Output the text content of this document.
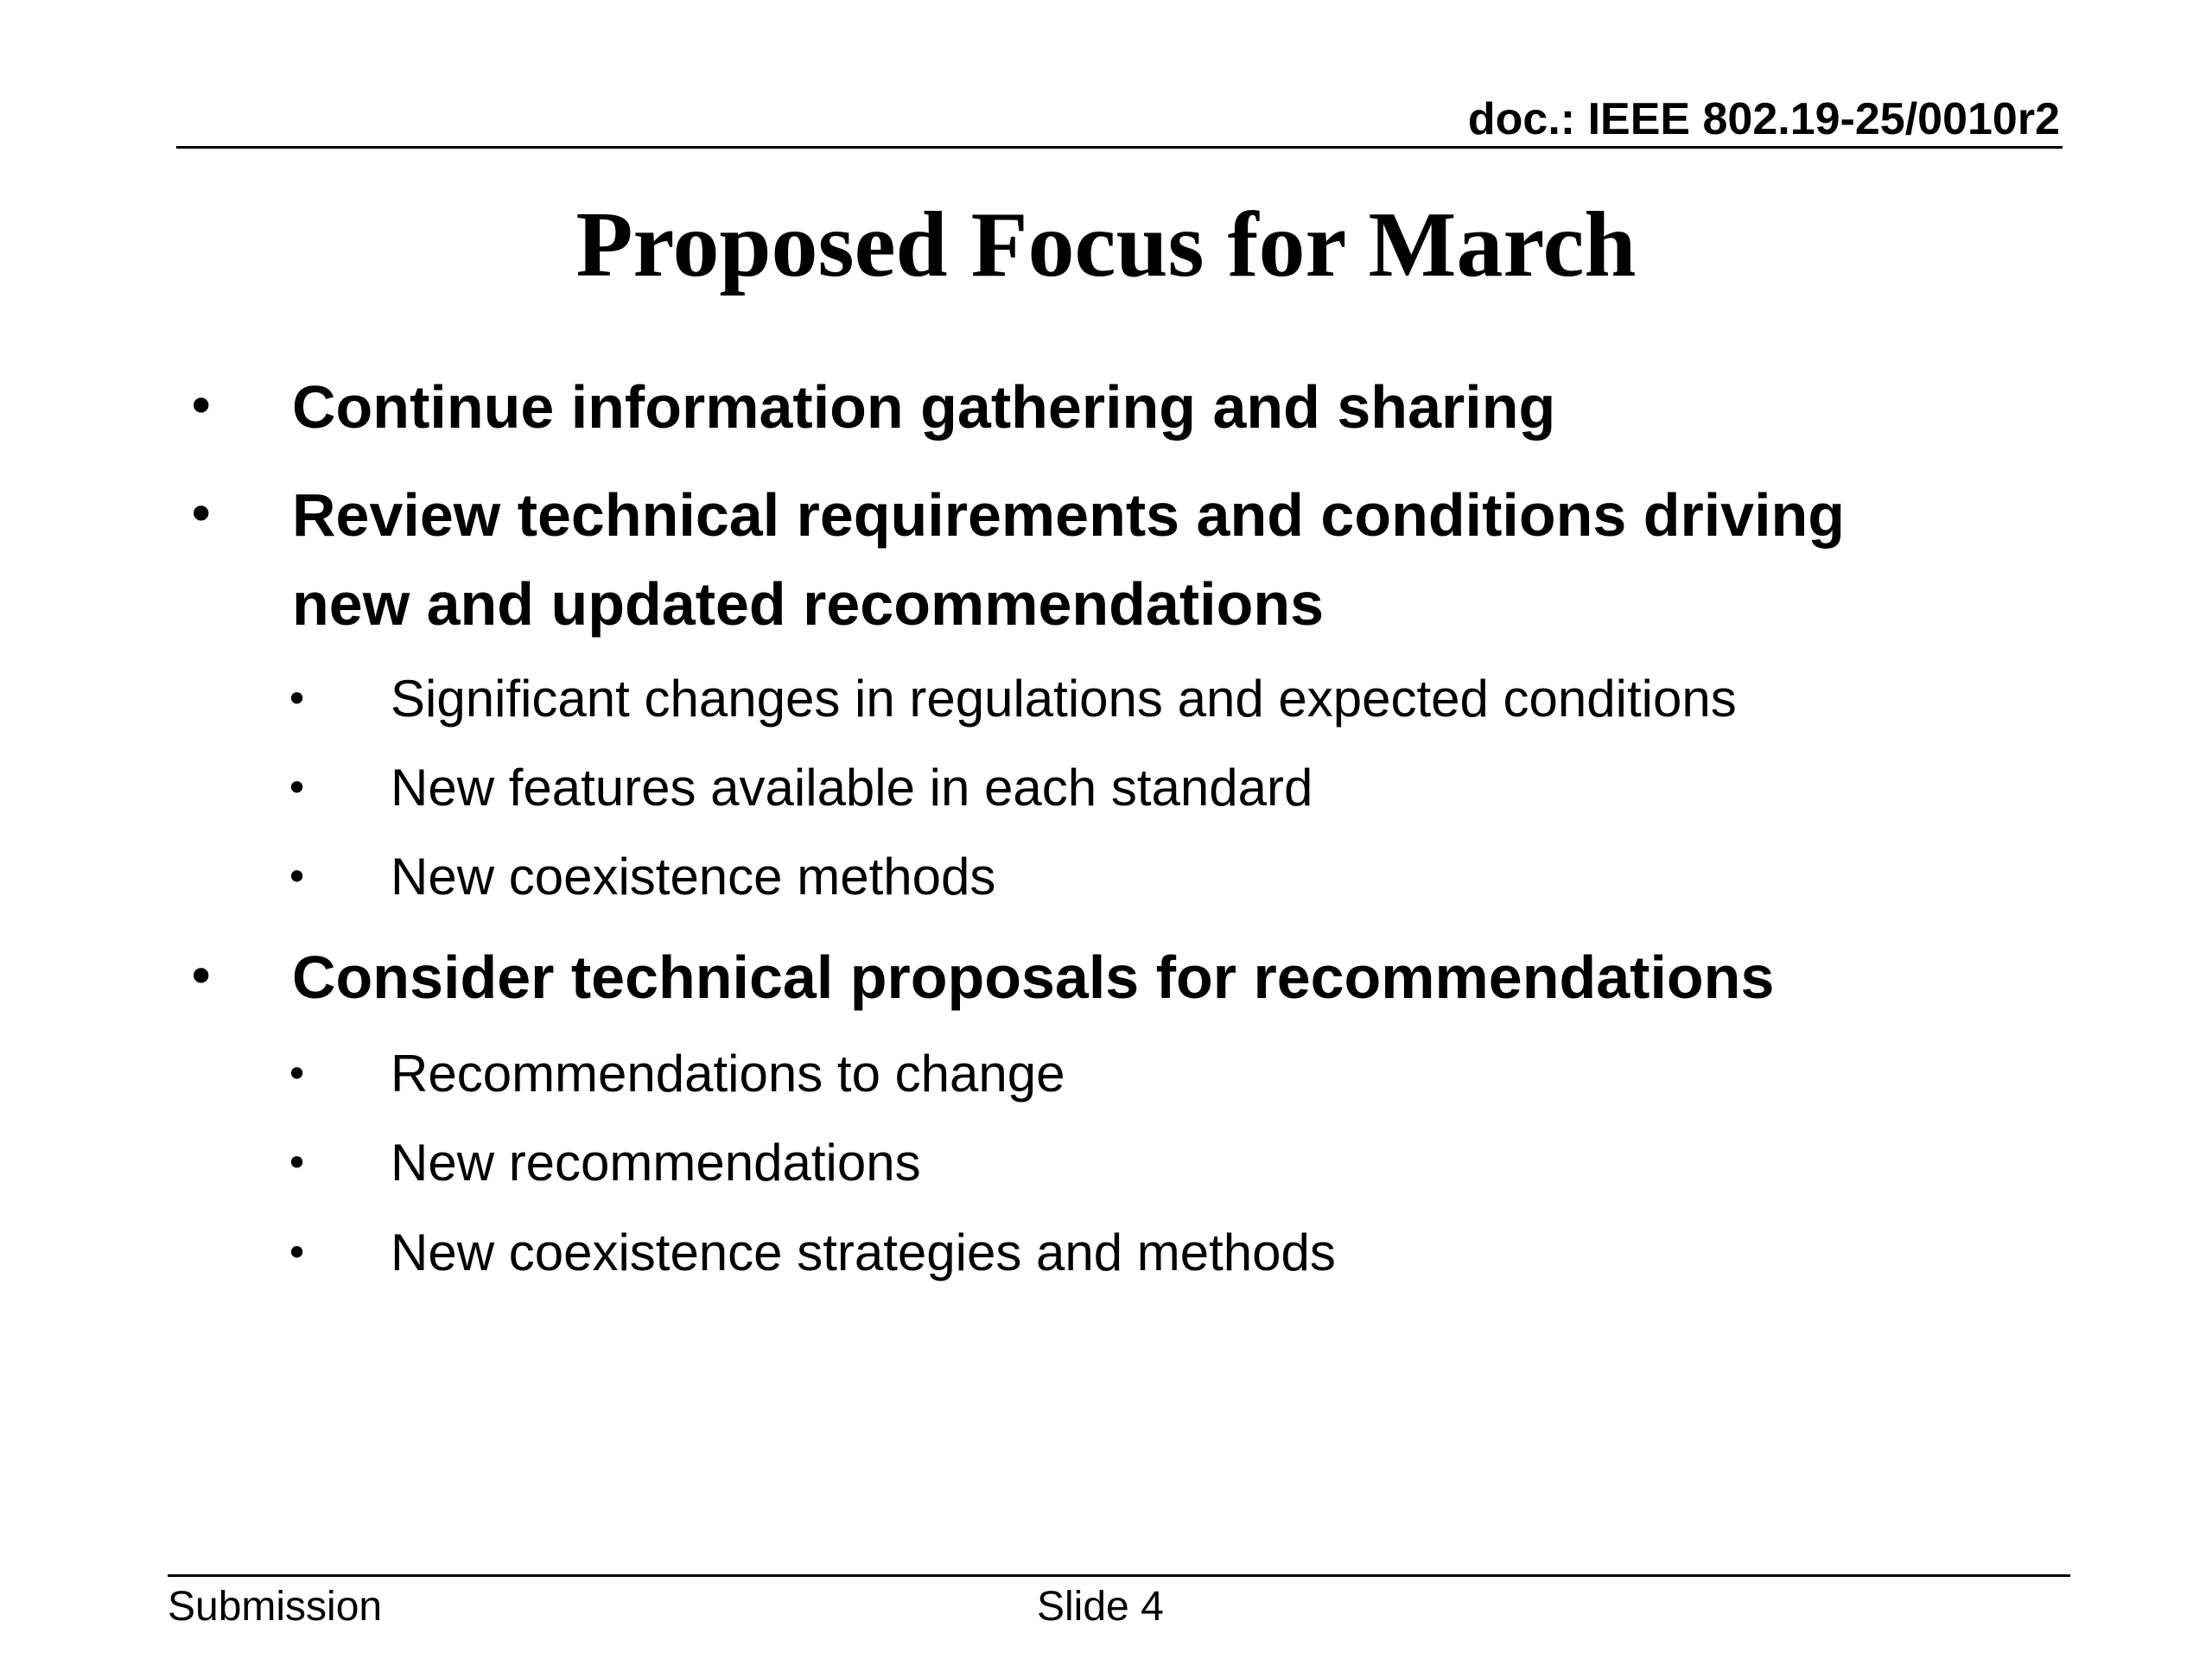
doc.: IEEE 802.19-25/0010r2
Proposed Focus for March
• Continue information gathering and sharing
• Review technical requirements and conditions driving
new and updated recommendations
• Significant changes in regulations and expected conditions
• New features available in each standard
• New coexistence methods
• Consider technical proposals for recommendations
• Recommendations to change
• New recommendations
• New coexistence strategies and methods
Submission	Slide 4
